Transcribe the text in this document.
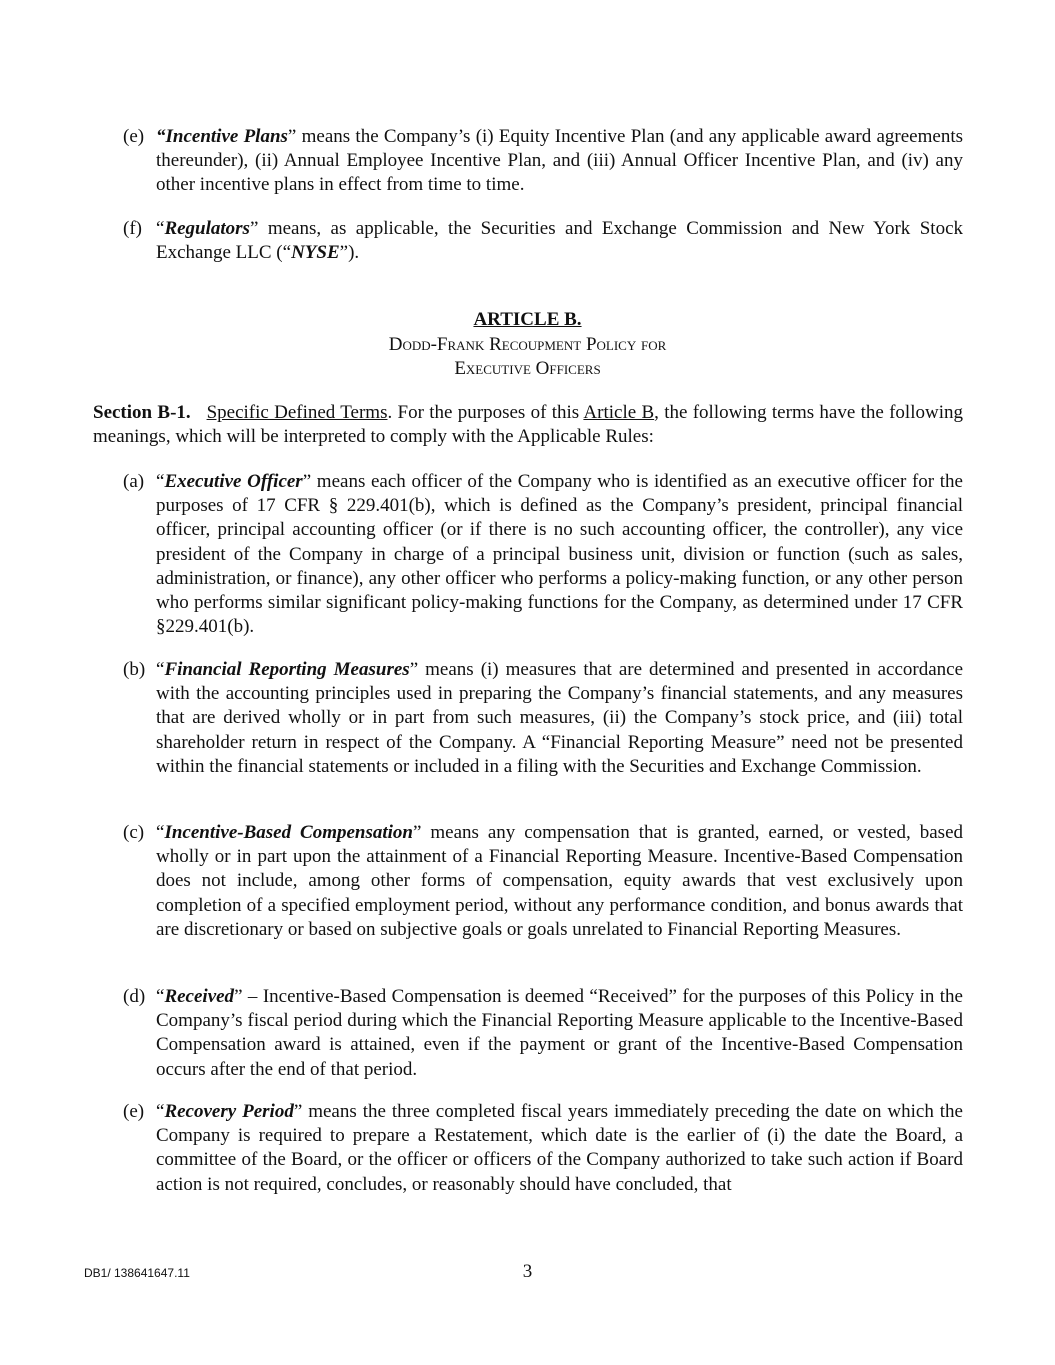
(e) “Incentive Plans” means the Company’s (i) Equity Incentive Plan (and any applicable award agreements thereunder), (ii) Annual Employee Incentive Plan, and (iii) Annual Officer Incentive Plan, and (iv) any other incentive plans in effect from time to time.
(f) “Regulators” means, as applicable, the Securities and Exchange Commission and New York Stock Exchange LLC (“NYSE”).
ARTICLE B.
Dodd-Frank Recoupment Policy for
Executive Officers
Section B-1. Specific Defined Terms. For the purposes of this Article B, the following terms have the following meanings, which will be interpreted to comply with the Applicable Rules:
(a) “Executive Officer” means each officer of the Company who is identified as an executive officer for the purposes of 17 CFR § 229.401(b), which is defined as the Company’s president, principal financial officer, principal accounting officer (or if there is no such accounting officer, the controller), any vice president of the Company in charge of a principal business unit, division or function (such as sales, administration, or finance), any other officer who performs a policy-making function, or any other person who performs similar significant policy-making functions for the Company, as determined under 17 CFR §229.401(b).
(b) “Financial Reporting Measures” means (i) measures that are determined and presented in accordance with the accounting principles used in preparing the Company’s financial statements, and any measures that are derived wholly or in part from such measures, (ii) the Company’s stock price, and (iii) total shareholder return in respect of the Company. A “Financial Reporting Measure” need not be presented within the financial statements or included in a filing with the Securities and Exchange Commission.
(c) “Incentive-Based Compensation” means any compensation that is granted, earned, or vested, based wholly or in part upon the attainment of a Financial Reporting Measure. Incentive-Based Compensation does not include, among other forms of compensation, equity awards that vest exclusively upon completion of a specified employment period, without any performance condition, and bonus awards that are discretionary or based on subjective goals or goals unrelated to Financial Reporting Measures.
(d) “Received” – Incentive-Based Compensation is deemed “Received” for the purposes of this Policy in the Company’s fiscal period during which the Financial Reporting Measure applicable to the Incentive-Based Compensation award is attained, even if the payment or grant of the Incentive-Based Compensation occurs after the end of that period.
(e) “Recovery Period” means the three completed fiscal years immediately preceding the date on which the Company is required to prepare a Restatement, which date is the earlier of (i) the date the Board, a committee of the Board, or the officer or officers of the Company authorized to take such action if Board action is not required, concludes, or reasonably should have concluded, that
DB1/ 138641647.11	3
